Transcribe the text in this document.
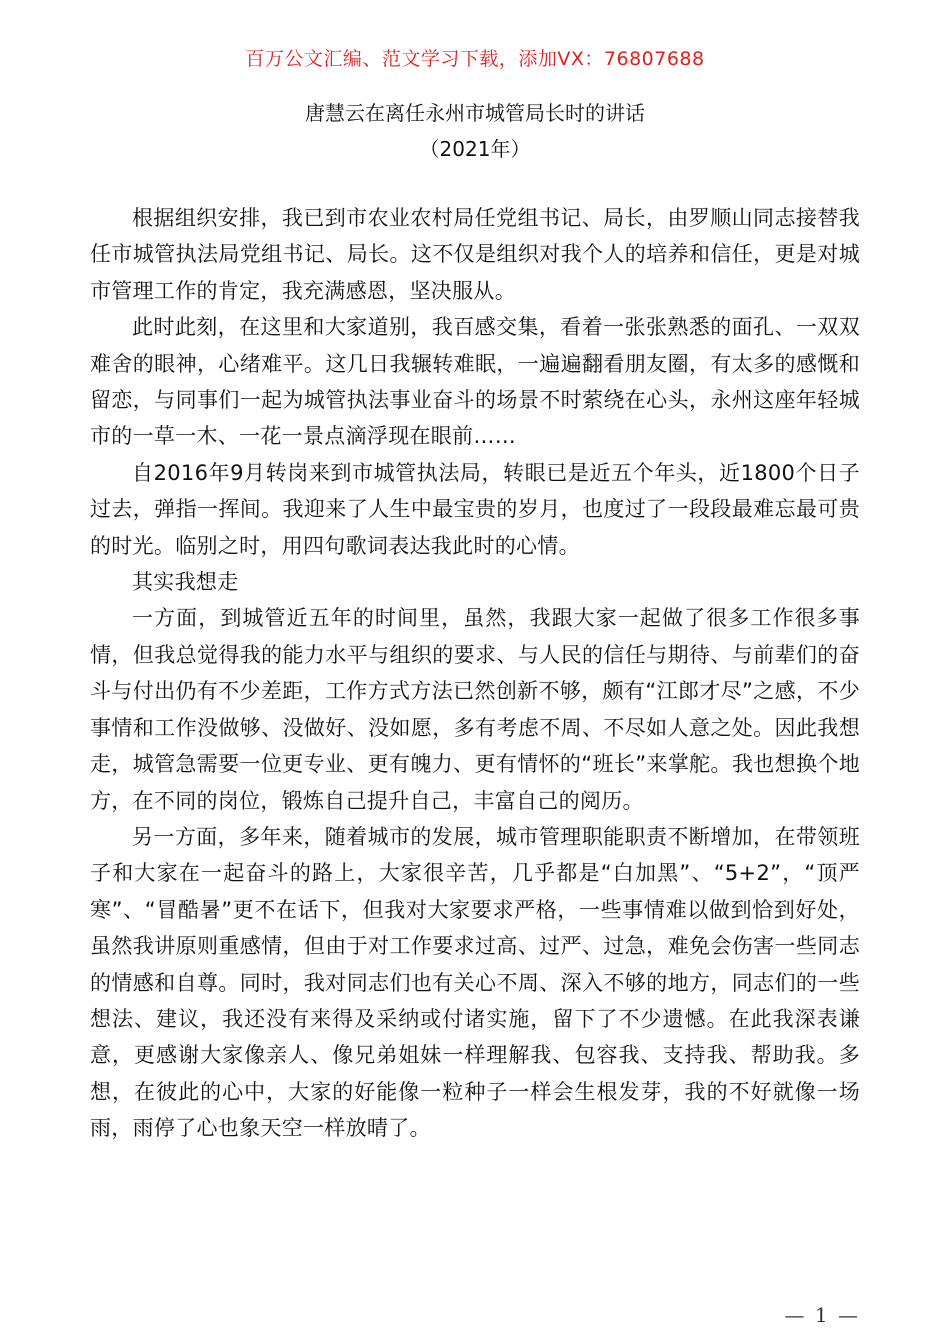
百万公文汇编、范文学习下载，添加VX：76807688
唐慧云在离任永州市城管局长时的讲话
（2021年）

根据组织安排，我已到市农业农村局任党组书记、局长，由罗顺山同志接替我任市城管执法局党组书记、局长。这不仅是组织对我个人的培养和信任，更是对城市管理工作的肯定，我充满感恩，坚决服从。

此时此刻，在这里和大家道别，我百感交集，看着一张张熟悉的面孔、一双双难舍的眼神，心绪难平。这几日我辗转难眠，一遍遍翻看朋友圈，有太多的感慨和留恋，与同事们一起为城管执法事业奋斗的场景不时萦绕在心头，永州这座年轻城市的一草一木、一花一景点滴浮现在眼前……

自2016年9月转岗来到市城管执法局，转眼已是近五个年头，近1800个日子过去，弹指一挥间。我迎来了人生中最宝贵的岁月，也度过了一段段最难忘最可贵的时光。临别之时，用四句歌词表达我此时的心情。

其实我想走

一方面，到城管近五年的时间里，虽然，我跟大家一起做了很多工作很多事情，但我总觉得我的能力水平与组织的要求、与人民的信任与期待、与前辈们的奋斗与付出仍有不少差距，工作方式方法已然创新不够，颇有“江郎才尽”之感，不少事情和工作没做够、没做好、没如愿，多有考虑不周、不尽如人意之处。因此我想走，城管急需要一位更专业、更有魄力、更有情怀的“班长”来掌舵。我也想换个地方，在不同的岗位，锻炼自己提升自己，丰富自己的阅历。

另一方面，多年来，随着城市的发展，城市管理职能职责不断增加，在带领班子和大家在一起奋斗的路上，大家很辛苦，几乎都是“白加黑”、“5+2”，“顶严寒”、“冒酷暑”更不在话下，但我对大家要求严格，一些事情难以做到恰到好处，虽然我讲原则重感情，但由于对工作要求过高、过严、过急，难免会伤害一些同志的情感和自尊。同时，我对同志们也有关心不周、深入不够的地方，同志们的一些想法、建议，我还没有来得及采纳或付诸实施，留下了不少遗憾。在此我深表谦意，更感谢大家像亲人、像兄弟姐妹一样理解我、包容我、支持我、帮助我。多想，在彼此的心中，大家的好能像一粒种子一样会生根发芽，我的不好就像一场雨，雨停了心也象天空一样放晴了。

— 1 —
